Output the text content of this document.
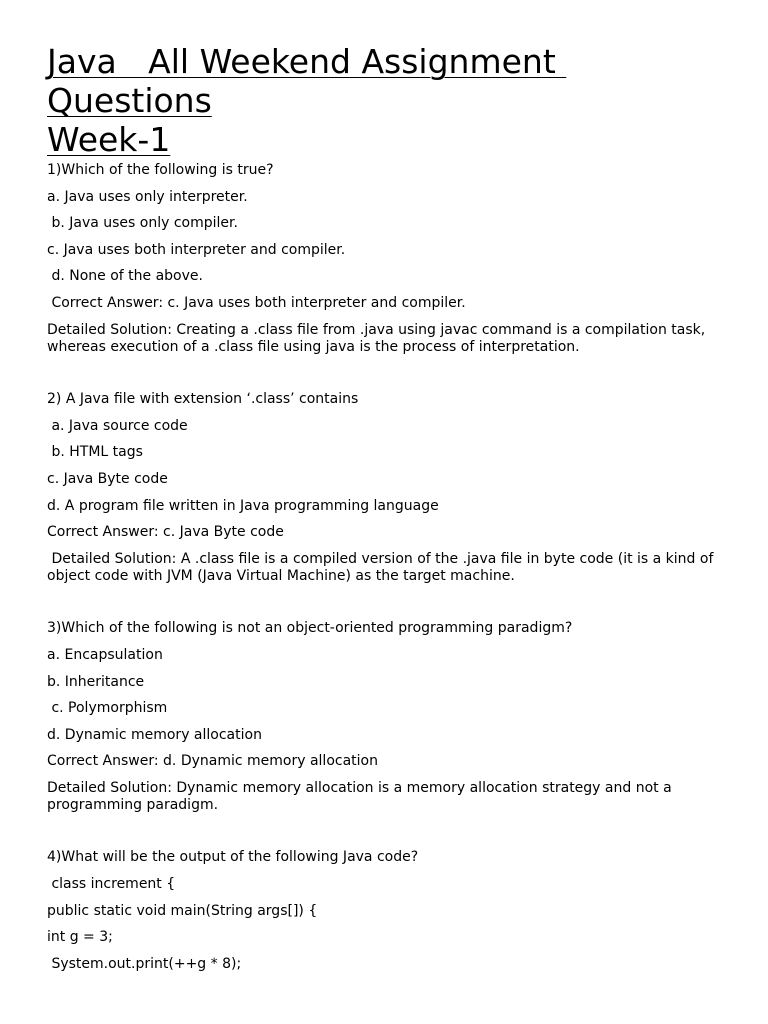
Java   All Weekend Assignment
Questions
Week-1

1)Which of the following is true?

a. Java uses only interpreter.

b. Java uses only compiler.

c. Java uses both interpreter and compiler.

d. None of the above.

Correct Answer: c. Java uses both interpreter and compiler.

Detailed Solution: Creating a .class file from .java using javac command is a compilation task, whereas execution of a .class file using java is the process of interpretation.

2) A Java file with extension ‘.class’ contains

a. Java source code

b. HTML tags

c. Java Byte code

d. A program file written in Java programming language

Correct Answer: c. Java Byte code

Detailed Solution: A .class file is a compiled version of the .java file in byte code (it is a kind of object code with JVM (Java Virtual Machine) as the target machine.

3)Which of the following is not an object-oriented programming paradigm?

a. Encapsulation

b. Inheritance

c. Polymorphism

d. Dynamic memory allocation

Correct Answer: d. Dynamic memory allocation

Detailed Solution: Dynamic memory allocation is a memory allocation strategy and not a programming paradigm.

4)What will be the output of the following Java code?

class increment {

public static void main(String args[]) {

int g = 3;

System.out.print(++g * 8);
